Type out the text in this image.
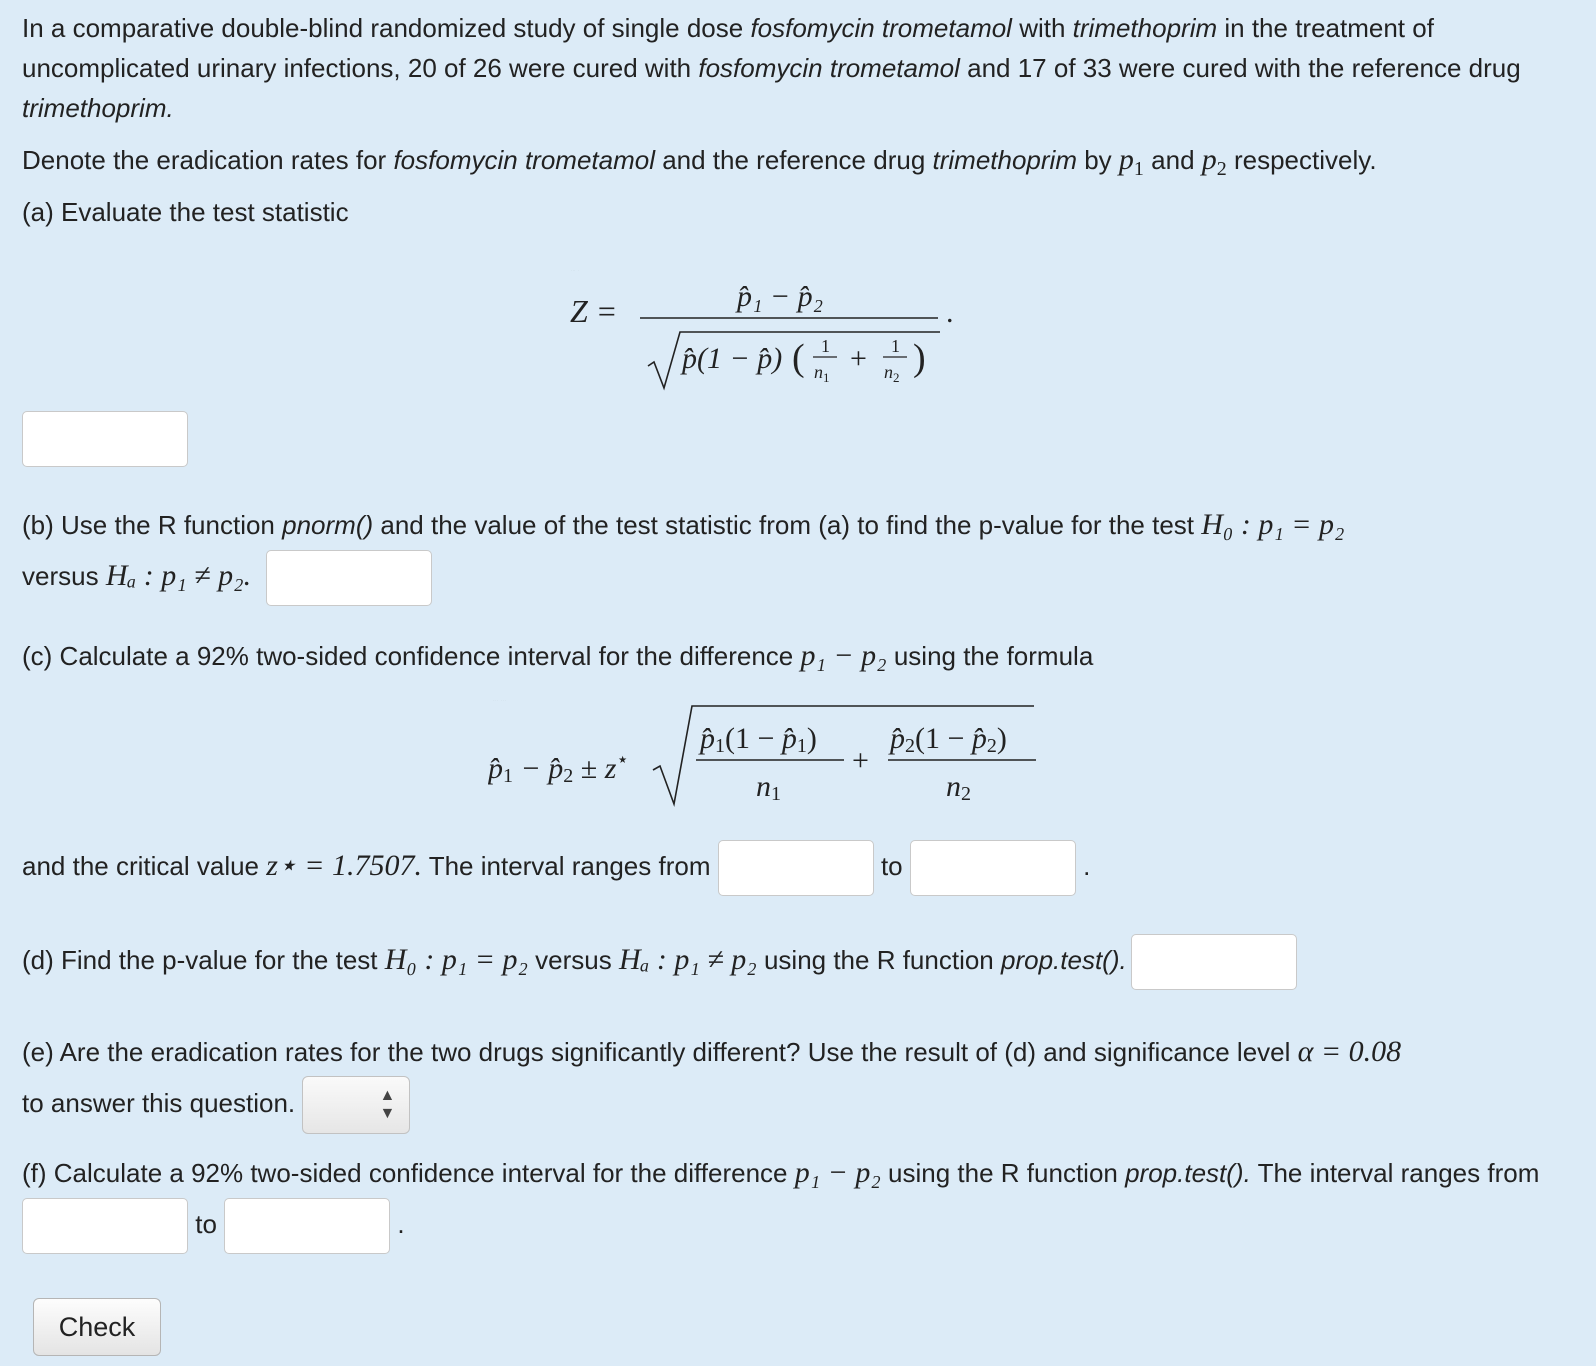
In a comparative double-blind randomized study of single dose fosfomycin trometamol with trimethoprim in the treatment of uncomplicated urinary infections, 20 of 26 were cured with fosfomycin trometamol and 17 of 33 were cured with the reference drug trimethoprim.

Denote the eradication rates for fosfomycin trometamol and the reference drug trimethoprim by $p_1$ and $p_2$ respectively.

(a) Evaluate the test statistic

Z =	p̂₁ − p̂₂	.
p̂(1 − p̂) ( 1
$n_1$
+ 1
$n_2$ )
√p̂(1 − p̂) (1/n₁ + 1/n₂)

(b) Use the R function pnorm() and the value of the test statistic from (a) to find the p-value for the test H₀ : p₁ = p₂
versus Hₐ : p₁ ≠ p₂.

(c) Calculate a 92% two-sided confidence interval for the difference p₁ − p₂ using the formula

p̂1 − p̂2 ± z⋆
p̂1(1 − p̂1)
n1
+
p̂2(1 − p̂2)
n2
p̂₁ − p̂₂ ± z⋆ √(p̂₁(1 − p̂₁)/n₁ + p̂₂(1 − p̂₂)/n₂)

and the critical value z⋆ = 1.7507. The interval ranges from	to	.

(d) Find the p-value for the test H₀ : p₁ = p₂ versus Hₐ : p₁ ≠ p₂ using the R function prop.test().

(e) Are the eradication rates for the two drugs significantly different? Use the result of (d) and significance level α = 0.08
to answer this question.	▲
▼

(f) Calculate a 92% two-sided confidence interval for the difference p₁ − p₂ using the R function prop.test(). The interval ranges from  to	.

Check
